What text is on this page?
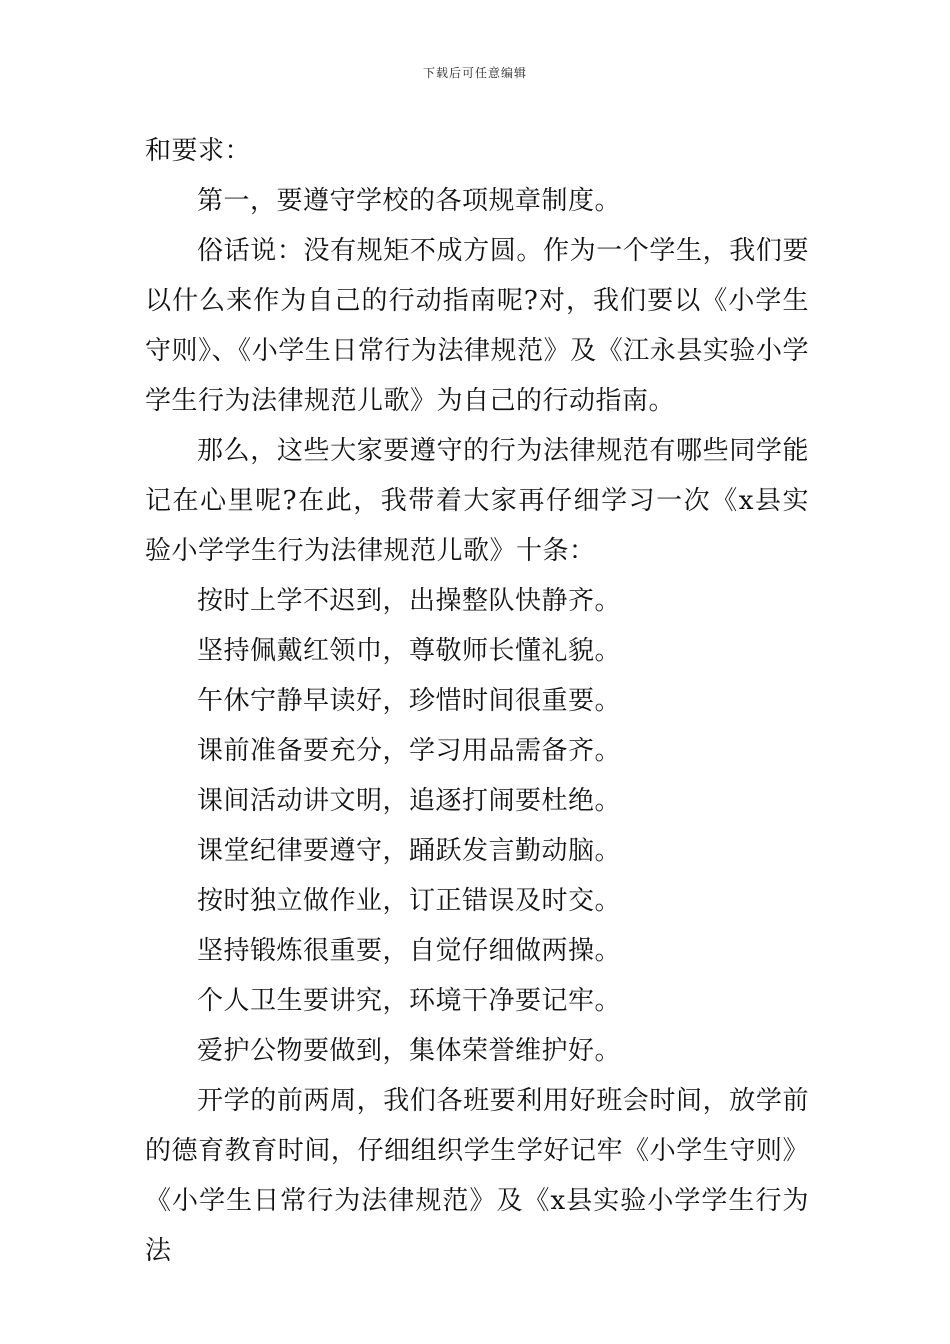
下载后可任意编辑

和要求：

第一，要遵守学校的各项规章制度。

俗话说：没有规矩不成方圆。作为一个学生，我们要以什么来作为自己的行动指南呢?对，我们要以《小学生守则》、《小学生日常行为法律规范》及《江永县实验小学学生行为法律规范儿歌》为自己的行动指南。

那么，这些大家要遵守的行为法律规范有哪些同学能记在心里呢?在此，我带着大家再仔细学习一次《x县实验小学学生行为法律规范儿歌》十条：

按时上学不迟到，出操整队快静齐。

坚持佩戴红领巾，尊敬师长懂礼貌。

午休宁静早读好，珍惜时间很重要。

课前准备要充分，学习用品需备齐。

课间活动讲文明，追逐打闹要杜绝。

课堂纪律要遵守，踊跃发言勤动脑。

按时独立做作业，订正错误及时交。

坚持锻炼很重要，自觉仔细做两操。

个人卫生要讲究，环境干净要记牢。

爱护公物要做到，集体荣誉维护好。

开学的前两周，我们各班要利用好班会时间，放学前的德育教育时间，仔细组织学生学好记牢《小学生守则》《小学生日常行为法律规范》及《x县实验小学学生行为法
